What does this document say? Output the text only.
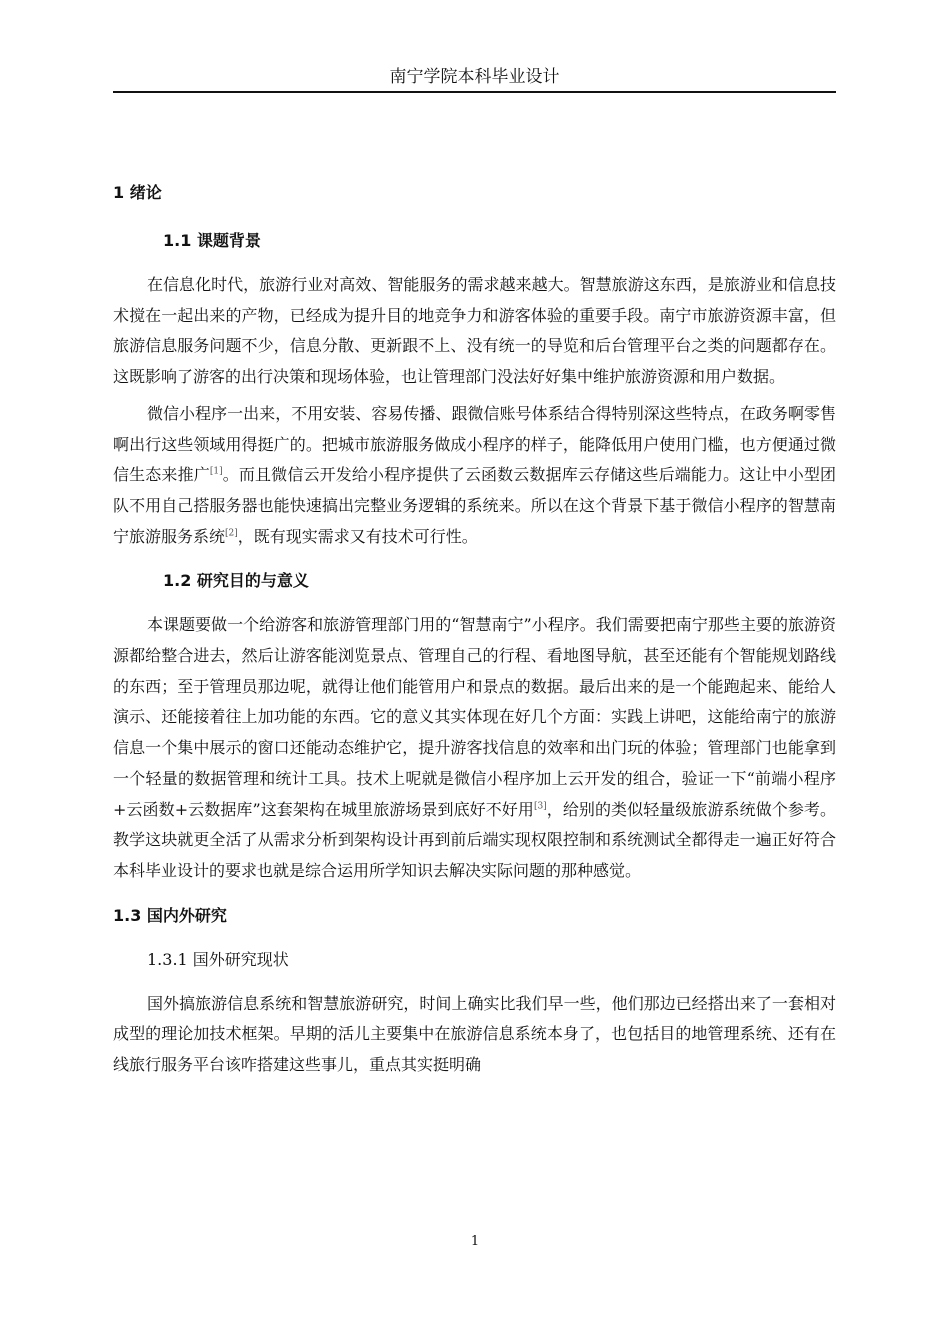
南宁学院本科毕业设计
1 绪论
1.1 课题背景

在信息化时代，旅游行业对高效、智能服务的需求越来越大。智慧旅游这东西，是旅游业和信息技术搅在一起出来的产物，已经成为提升目的地竞争力和游客体验的重要手段。南宁市旅游资源丰富，但旅游信息服务问题不少，信息分散、更新跟不上、没有统一的导览和后台管理平台之类的问题都存在。这既影响了游客的出行决策和现场体验，也让管理部门没法好好集中维护旅游资源和用户数据。

微信小程序一出来，不用安装、容易传播、跟微信账号体系结合得特别深这些特点，在政务啊零售啊出行这些领域用得挺广的。把城市旅游服务做成小程序的样子，能降低用户使用门槛，也方便通过微信生态来推广[1]。而且微信云开发给小程序提供了云函数云数据库云存储这些后端能力。这让中小型团队不用自己搭服务器也能快速搞出完整业务逻辑的系统来。所以在这个背景下基于微信小程序的智慧南宁旅游服务系统[2]，既有现实需求又有技术可行性。

1.2 研究目的与意义

本课题要做一个给游客和旅游管理部门用的“智慧南宁”小程序。我们需要把南宁那些主要的旅游资源都给整合进去，然后让游客能浏览景点、管理自己的行程、看地图导航，甚至还能有个智能规划路线的东西；至于管理员那边呢，就得让他们能管用户和景点的数据。最后出来的是一个能跑起来、能给人演示、还能接着往上加功能的东西。它的意义其实体现在好几个方面：实践上讲吧，这能给南宁的旅游信息一个集中展示的窗口还能动态维护它，提升游客找信息的效率和出门玩的体验；管理部门也能拿到一个轻量的数据管理和统计工具。技术上呢就是微信小程序加上云开发的组合，验证一下“前端小程序+云函数+云数据库”这套架构在城里旅游场景到底好不好用[3]，给别的类似轻量级旅游系统做个参考。教学这块就更全活了从需求分析到架构设计再到前后端实现权限控制和系统测试全都得走一遍正好符合本科毕业设计的要求也就是综合运用所学知识去解决实际问题的那种感觉。

1.3 国内外研究
1.3.1 国外研究现状

国外搞旅游信息系统和智慧旅游研究，时间上确实比我们早一些，他们那边已经搭出来了一套相对成型的理论加技术框架。早期的活儿主要集中在旅游信息系统本身了，也包括目的地管理系统、还有在线旅行服务平台该咋搭建这些事儿，重点其实挺明确

1
